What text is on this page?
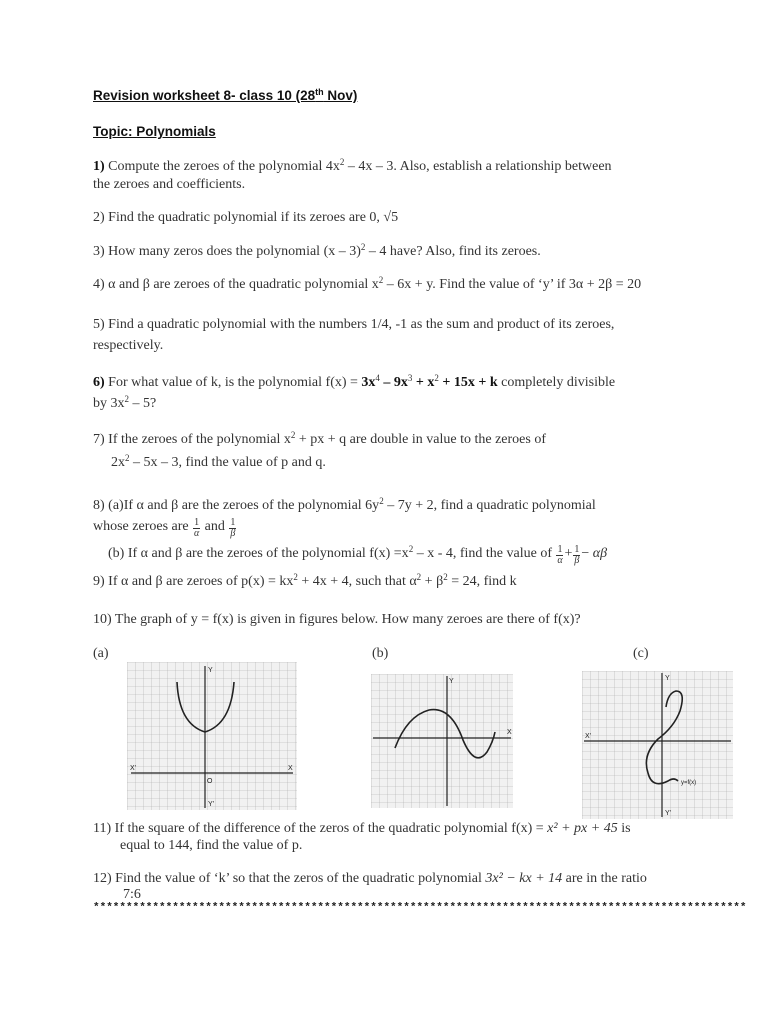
Revision worksheet 8- class 10 (28th Nov)
Topic: Polynomials
1) Compute the zeroes of the polynomial $4x^2 - 4x - 3$. Also, establish a relationship between
the zeroes and coefficients.
2) Find the quadratic polynomial if its zeroes are 0, √5
3) How many zeros does the polynomial (x – 3)$^2$ – 4 have? Also, find its zeroes.
4) α and β are zeroes of the quadratic polynomial $x^2 - 6x + y$. Find the value of ‘y’ if 3α + 2β = 20
5) Find a quadratic polynomial with the numbers 1/4, -1 as the sum and product of its zeroes,
respectively.
6) For what value of k, is the polynomial $f(x) = 3x^4 - 9x^3 + x^2 + 15x + k$ completely divisible
by $3x^2 - 5$?
7) If the zeroes of the polynomial $x^2$ + px + q are double in value to the zeroes of
$2x^2 - 5x - 3$, find the value of p and q.
8) (a)If α and β are the zeroes of the polynomial $6y^2 - 7y + 2$, find a quadratic polynomial
whose zeroes are $\frac{1}{\alpha}$ and $\frac{1}{\beta}$
(b) If α and β are the zeroes of the polynomial $f(x) =x^2 - x - 4$, find the value of $\frac{1}{\alpha} + \frac{1}{\beta} - \alpha\beta$
9) If α and β are zeroes of $p(x) = kx^2 + 4x + 4$, such that $\alpha^2 + \beta^2 = 24$, find k
10) The graph of y = f(x) is given in figures below. How many zeroes are there of f(x)?
(a)	(b)	(c)
X'	X
Y
Y'
O
Y
X
X'
Y
y=f(x)
Y'
11) If the square of the difference of the zeros of the quadratic polynomial f(x) = x² + px + 45 is
equal to 144, find the value of p.
12) Find the value of ‘k’ so that the zeros of the quadratic polynomial 3x² − kx + 14 are in the ratio
7:6
***************************************************************************************************
